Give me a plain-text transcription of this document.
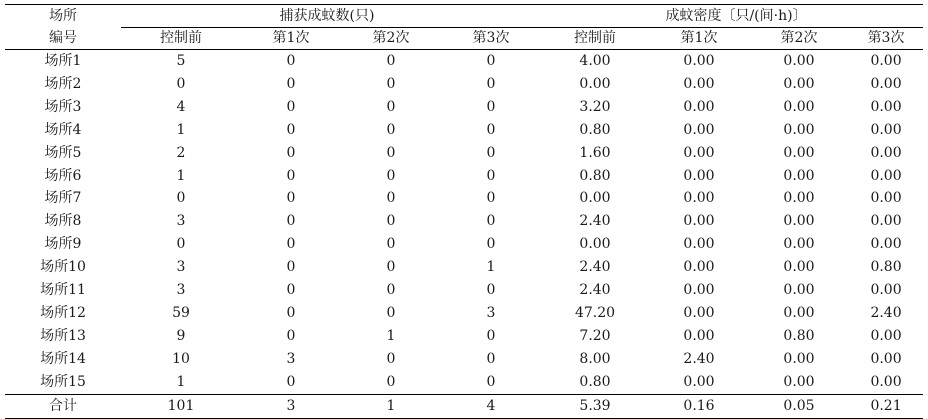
场所	捕获成蚊数(只)				成蚊密度〔只/(间·h)〕			
编号	控制前	第1次	第2次	第3次	控制前	第1次	第2次	第3次
场所1	5	0	0	0	4.00	0.00	0.00	0.00
场所2	0	0	0	0	0.00	0.00	0.00	0.00
场所3	4	0	0	0	3.20	0.00	0.00	0.00
场所4	1	0	0	0	0.80	0.00	0.00	0.00
场所5	2	0	0	0	1.60	0.00	0.00	0.00
场所6	1	0	0	0	0.80	0.00	0.00	0.00
场所7	0	0	0	0	0.00	0.00	0.00	0.00
场所8	3	0	0	0	2.40	0.00	0.00	0.00
场所9	0	0	0	0	0.00	0.00	0.00	0.00
场所10	3	0	0	1	2.40	0.00	0.00	0.80
场所11	3	0	0	0	2.40	0.00	0.00	0.00
场所12	59	0	0	3	47.20	0.00	0.00	2.40
场所13	9	0	1	0	7.20	0.00	0.80	0.00
场所14	10	3	0	0	8.00	2.40	0.00	0.00
场所15	1	0	0	0	0.80	0.00	0.00	0.00
合计	101	3	1	4	5.39	0.16	0.05	0.21
